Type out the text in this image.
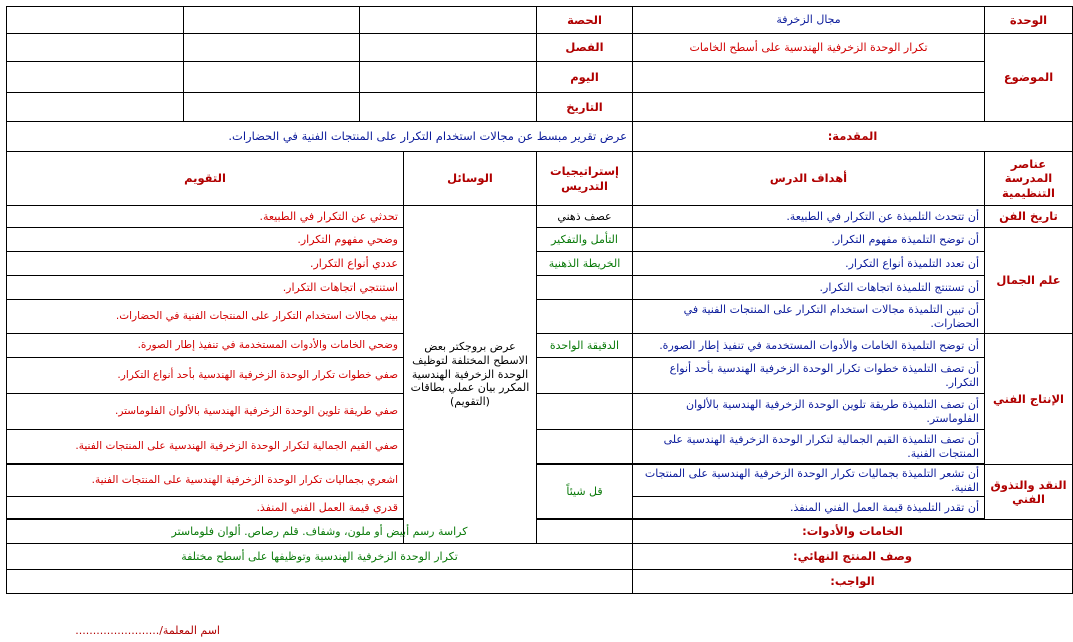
الوحدة	مجال الزخرفة	الحصة		

الموضوع	تكرار الوحدة الزخرفية الهندسية على أسطح الخامات	الفصل		

		اليوم		

		التاريخ		

المقدمة:		عرض تقرير مبسط عن مجالات استخدام التكرار على المنتجات الفنية في الحضارات.		
عناصر المدرسة التنظيمية	أهداف الدرس	إستراتيجيات التدريس	الوسائل	التقويم
تاريخ الفن	أن تتحدث التلميذة عن التكرار في الطبيعة.	عصف ذهني	عرض بروجكتر بعض الاسطح المختلفة لتوظيف الوحدة الزخرفية الهندسية المكرر بيان عملي بطاقات (التقويم)	تحدثي عن التكرار في الطبيعة.
علم الجمال	أن توضح التلميذة مفهوم التكرار.	التأمل والتفكير		وضحي مفهوم التكرار.
	أن تعدد التلميذة أنواع التكرار.	الخريطة الذهنية		عددي أنواع التكرار.
	أن تستنتج التلميذة اتجاهات التكرار.			استنتجي اتجاهات التكرار.
	أن تبين التلميذة مجالات استخدام التكرار على المنتجات الفنية في الحضارات.			بيني مجالات استخدام التكرار على المنتجات الفنية في الحضارات.
الإنتاج الفني	أن توضح التلميذة الخامات والأدوات المستخدمة في تنفيذ إطار الصورة.	الدقيقة الواحدة		وضحي الخامات والأدوات المستخدمة في تنفيذ إطار الصورة.
	أن تصف التلميذة خطوات تكرار الوحدة الزخرفية الهندسية بأحد أنواع التكرار.			صفي خطوات تكرار الوحدة الزخرفية الهندسية بأحد أنواع التكرار.
	أن تصف التلميذة طريقة تلوين الوحدة الزخرفية الهندسية بالألوان الفلوماستر.			صفي طريقة تلوين الوحدة الزخرفية الهندسية بالألوان الفلوماستر.
	أن تصف التلميذة القيم الجمالية لتكرار الوحدة الزخرفية الهندسية على المنتجات الفنية.			صفي القيم الجمالية لتكرار الوحدة الزخرفية الهندسية على المنتجات الفنية.

النقد والتذوق الفني	أن تشعر التلميذة بجماليات تكرار الوحدة الزخرفية الهندسية على المنتجات الفنية.	قل شيئاً		اشعري بجماليات تكرار الوحدة الزخرفية الهندسية على المنتجات الفنية.
	أن تقدر التلميذة قيمة العمل الفني المنفذ.			قدري قيمة العمل الفني المنفذ.

الخامات والأدوات:		كراسة رسم أبيض أو ملون، وشفاف. قلم رصاص. ألوان فلوماستر		
وصف المنتج النهائي:		تكرار الوحدة الزخرفية الهندسية وتوظيفها على أسطح مختلفة		
الواجب:				
اسم المعلمة/........................
